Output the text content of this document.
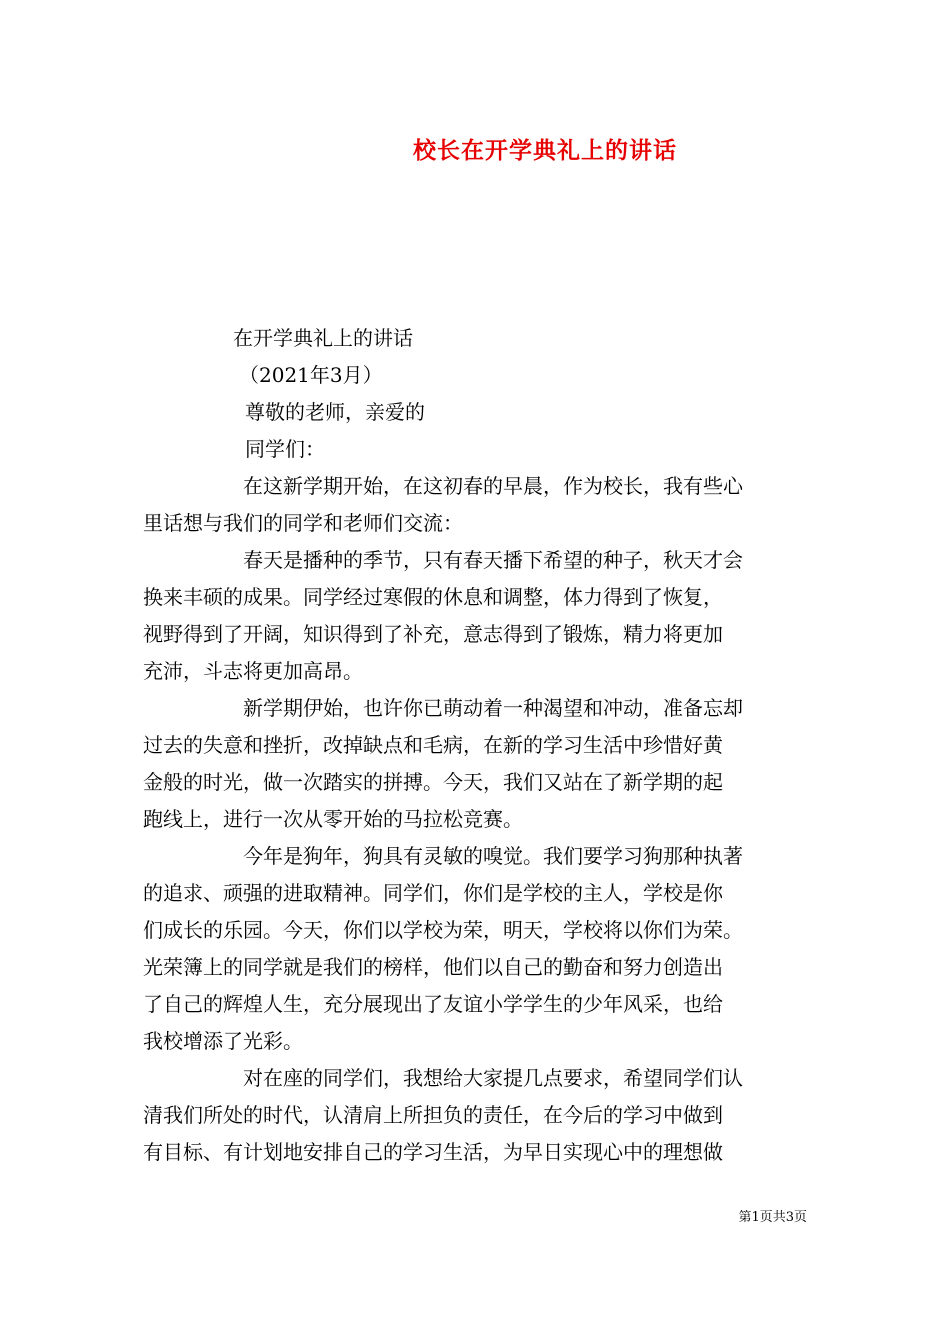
校长在开学典礼上的讲话
在开学典礼上的讲话
（2021年3月）
尊敬的老师，亲爱的
同学们：
在这新学期开始，在这初春的早晨，作为校长，我有些心
里话想与我们的同学和老师们交流：
春天是播种的季节，只有春天播下希望的种子，秋天才会
换来丰硕的成果。同学经过寒假的休息和调整，体力得到了恢复，
视野得到了开阔，知识得到了补充，意志得到了锻炼，精力将更加
充沛，斗志将更加高昂。
新学期伊始，也许你已萌动着一种渴望和冲动，准备忘却
过去的失意和挫折，改掉缺点和毛病，在新的学习生活中珍惜好黄
金般的时光，做一次踏实的拼搏。今天，我们又站在了新学期的起
跑线上，进行一次从零开始的马拉松竞赛。
今年是狗年，狗具有灵敏的嗅觉。我们要学习狗那种执著
的追求、顽强的进取精神。同学们，你们是学校的主人，学校是你
们成长的乐园。今天，你们以学校为荣，明天，学校将以你们为荣。
光荣簿上的同学就是我们的榜样，他们以自己的勤奋和努力创造出
了自己的辉煌人生，充分展现出了友谊小学学生的少年风采，也给
我校增添了光彩。
对在座的同学们，我想给大家提几点要求，希望同学们认
清我们所处的时代，认清肩上所担负的责任，在今后的学习中做到
有目标、有计划地安排自己的学习生活，为早日实现心中的理想做
第1页共3页
